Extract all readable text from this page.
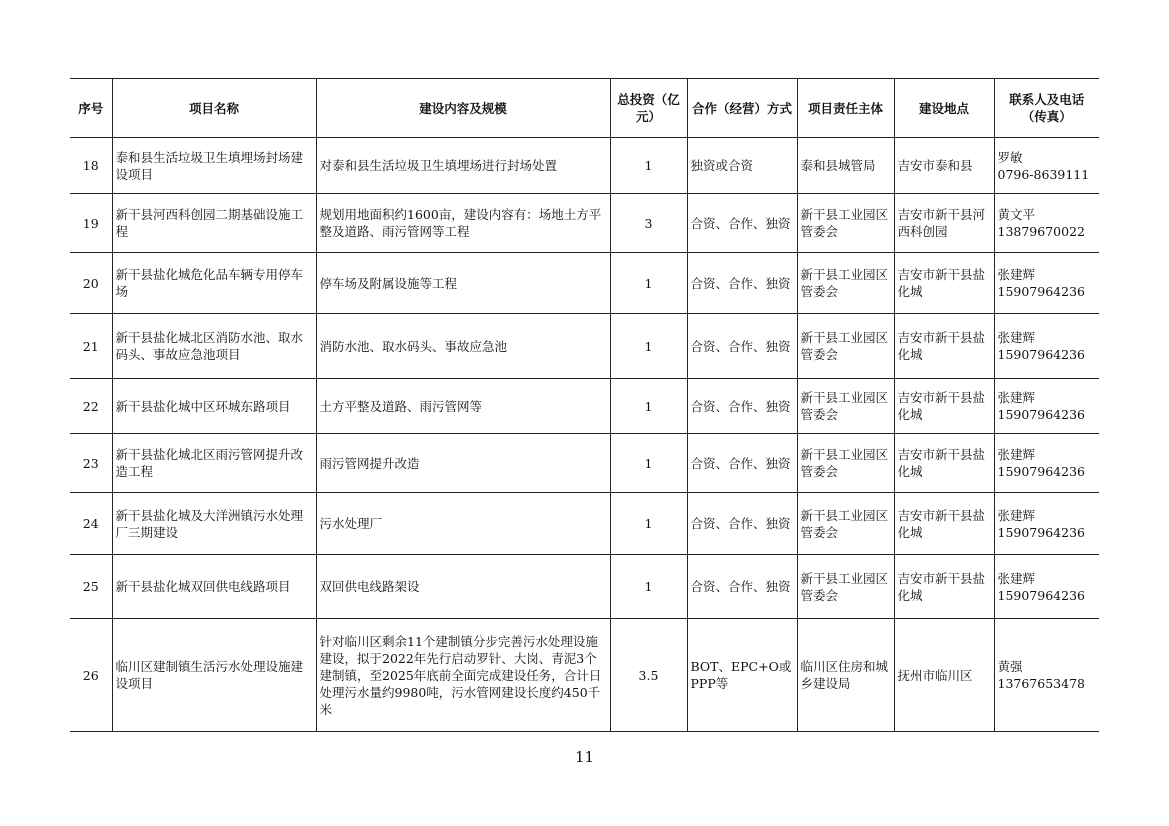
序号	项目名称	建设内容及规模	总投资（亿元）	合作（经营）方式	项目责任主体	建设地点	联系人及电话（传真）
18	泰和县生活垃圾卫生填埋场封场建设项目	对泰和县生活垃圾卫生填埋场进行封场处置	1	独资或合资	泰和县城管局	吉安市泰和县	罗敏
0796-8639111

19	新干县河西科创园二期基础设施工程	规划用地面积约1600亩，建设内容有：场地土方平整及道路、雨污管网等工程	3	合资、合作、独资	新干县工业园区管委会	吉安市新干县河西科创园	黄文平
13879670022

20	新干县盐化城危化品车辆专用停车场	停车场及附属设施等工程	1	合资、合作、独资	新干县工业园区管委会	吉安市新干县盐化城	张建辉
15907964236

21	新干县盐化城北区消防水池、取水码头、事故应急池项目	消防水池、取水码头、事故应急池	1	合资、合作、独资	新干县工业园区管委会	吉安市新干县盐化城	张建辉
15907964236

22	新干县盐化城中区环城东路项目	土方平整及道路、雨污管网等	1	合资、合作、独资	新干县工业园区管委会	吉安市新干县盐化城	张建辉
15907964236

23	新干县盐化城北区雨污管网提升改造工程	雨污管网提升改造	1	合资、合作、独资	新干县工业园区管委会	吉安市新干县盐化城	张建辉
15907964236

24	新干县盐化城及大洋洲镇污水处理厂三期建设	污水处理厂	1	合资、合作、独资	新干县工业园区管委会	吉安市新干县盐化城	张建辉
15907964236

25	新干县盐化城双回供电线路项目	双回供电线路架设	1	合资、合作、独资	新干县工业园区管委会	吉安市新干县盐化城	张建辉
15907964236

26	临川区建制镇生活污水处理设施建设项目	针对临川区剩余11个建制镇分步完善污水处理设施建设，拟于2022年先行启动罗针、大岗、青泥3个建制镇，至2025年底前全面完成建设任务，合计日处理污水量约9980吨，污水管网建设长度约450千米	3.5	BOT、EPC+O或PPP等	临川区住房和城乡建设局	抚州市临川区	黄强
13767653478
11
